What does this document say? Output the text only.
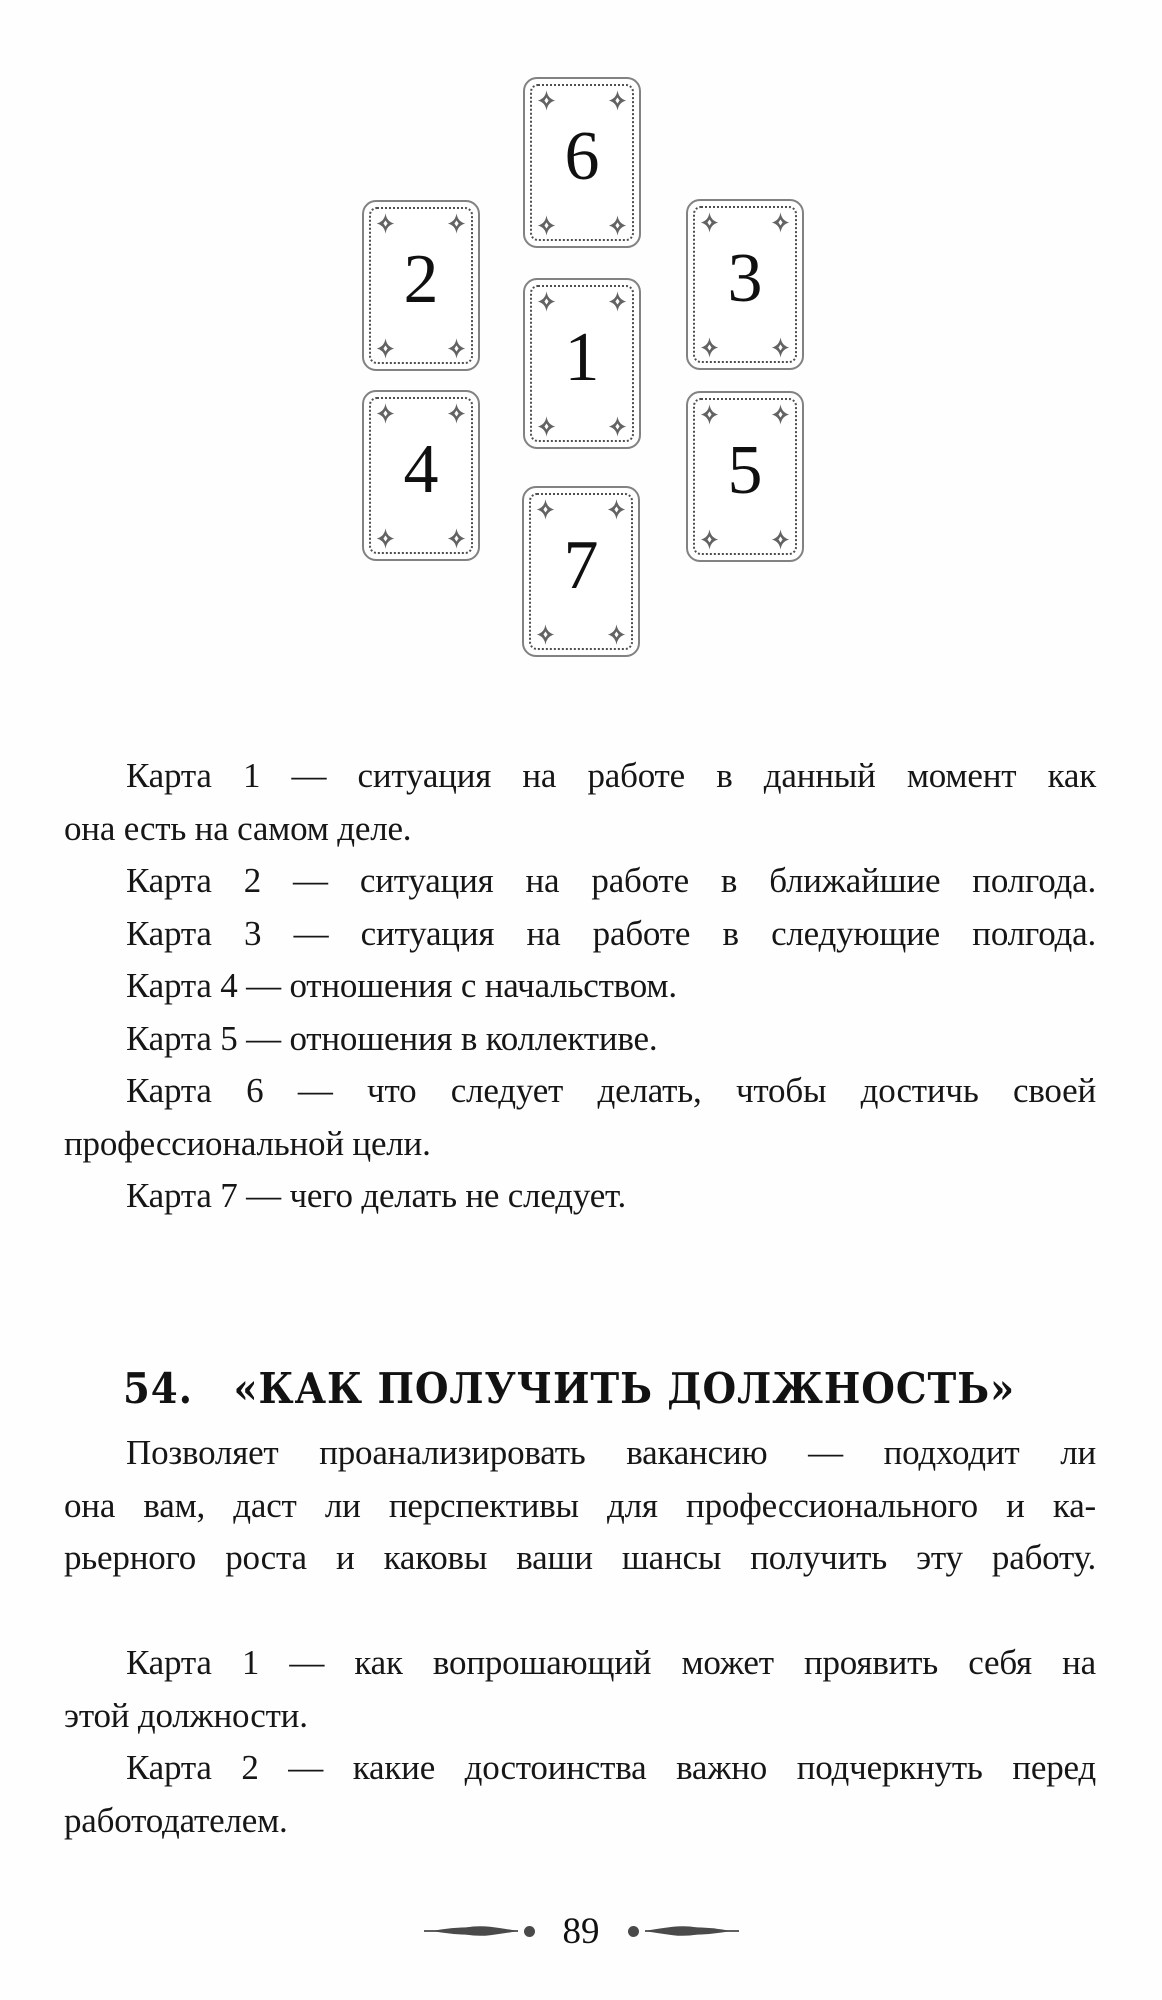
6
2	3
1
4	5
7
Карта 1 — ситуация на работе в данный момент как
она есть на самом деле.
Карта 2 — ситуация на работе в ближайшие полгода.
Карта 3 — ситуация на работе в следующие полгода.
Карта 4 — отношения с начальством.
Карта 5 — отношения в коллективе.
Карта 6 — что следует делать, чтобы достичь своей
профессиональной цели.
Карта 7 — чего делать не следует.
54. «КАК ПОЛУЧИТЬ ДОЛЖНОСТЬ»
Позволяет проанализировать вакансию — подходит ли
она вам, даст ли перспективы для профессионального и ка-
рьерного роста и каковы ваши шансы получить эту работу.
Карта 1 — как вопрошающий может проявить себя на
этой должности.
Карта 2 — какие достоинства важно подчеркнуть перед
работодателем.
89
